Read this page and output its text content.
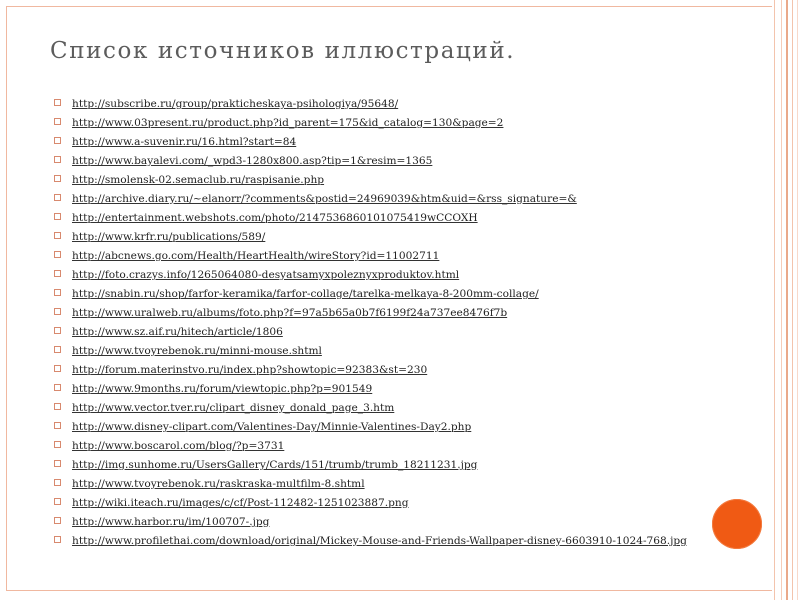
Список источников иллюстраций.
http://subscribe.ru/group/prakticheskaya-psihologiya/95648/
http://www.03present.ru/product.php?id_parent=175&id_catalog=130&page=2
http://www.a-suvenir.ru/16.html?start=84
http://www.bayalevi.com/_wpd3-1280x800.asp?tip=1&resim=1365
http://smolensk-02.semaclub.ru/raspisanie.php
http://archive.diary.ru/~elanorr/?comments&postid=24969039&htm&uid=&rss_signature=&
http://entertainment.webshots.com/photo/2147536860101075419wCCOXH
http://www.krfr.ru/publications/589/
http://abcnews.go.com/Health/HeartHealth/wireStory?id=11002711
http://foto.crazys.info/1265064080-desyatsamyxpoleznyxproduktov.html
http://snabin.ru/shop/farfor-keramika/farfor-collage/tarelka-melkaya-8-200mm-collage/
http://www.uralweb.ru/albums/foto.php?f=97a5b65a0b7f6199f24a737ee8476f7b
http://www.sz.aif.ru/hitech/article/1806
http://www.tvoyrebenok.ru/minni-mouse.shtml
http://forum.materinstvo.ru/index.php?showtopic=92383&st=230
http://www.9months.ru/forum/viewtopic.php?p=901549
http://www.vector.tver.ru/clipart_disney_donald_page_3.htm
http://www.disney-clipart.com/Valentines-Day/Minnie-Valentines-Day2.php
http://www.boscarol.com/blog/?p=3731
http://img.sunhome.ru/UsersGallery/Cards/151/trumb/trumb_18211231.jpg
http://www.tvoyrebenok.ru/raskraska-multfilm-8.shtml
http://wiki.iteach.ru/images/c/cf/Post-112482-1251023887.png
http://www.harbor.ru/im/100707-.jpg
http://www.profilethai.com/download/original/Mickey-Mouse-and-Friends-Wallpaper-disney-6603910-1024-768.jpg
